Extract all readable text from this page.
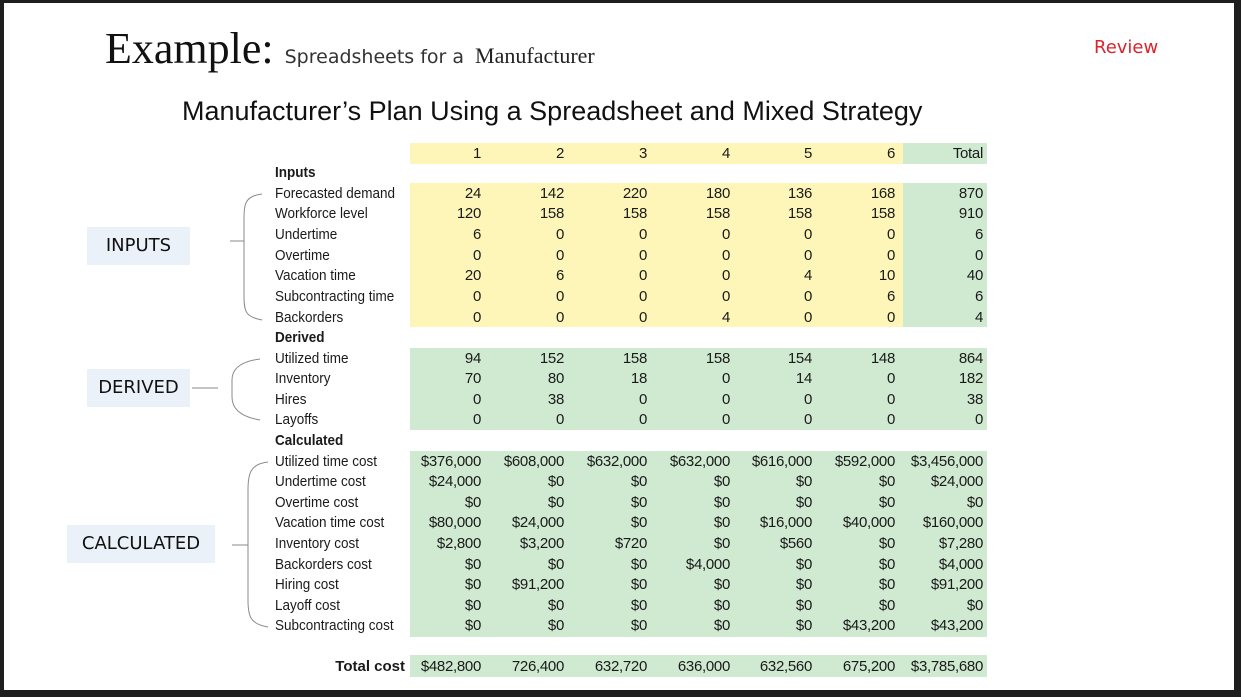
Example: Spreadsheets for a Manufacturer	Review
Manufacturer’s Plan Using a Spreadsheet and Mixed Strategy
INPUTS
DERIVED
CALCULATED
1	2	3	4	5	6	Total
Inputs
Derived
Calculated
Forecasted demand	24	142	220	180	136	168	870
Workforce level	120	158	158	158	158	158	910
Undertime	6	0	0	0	0	0	6
Overtime	0	0	0	0	0	0	0
Vacation time	20	6	0	0	4	10	40
Subcontracting time	0	0	0	0	0	6	6
Backorders	0	0	0	4	0	0	4
Utilized time	94	152	158	158	154	148	864
Inventory	70	80	18	0	14	0	182
Hires	0	38	0	0	0	0	38
Layoffs	0	0	0	0	0	0	0
Utilized time cost	$376,000	$608,000	$632,000	$632,000	$616,000	$592,000	$3,456,000
Undertime cost	$24,000	$0	$0	$0	$0	$0	$24,000
Overtime cost	$0	$0	$0	$0	$0	$0	$0
Vacation time cost	$80,000	$24,000	$0	$0	$16,000	$40,000	$160,000
Inventory cost	$2,800	$3,200	$720	$0	$560	$0	$7,280
Backorders cost	$0	$0	$0	$4,000	$0	$0	$4,000
Hiring cost	$0	$91,200	$0	$0	$0	$0	$91,200
Layoff cost	$0	$0	$0	$0	$0	$0	$0
Subcontracting cost	$0	$0	$0	$0	$0	$43,200	$43,200
Total cost	$482,800	726,400	632,720	636,000	632,560	675,200	$3,785,680
